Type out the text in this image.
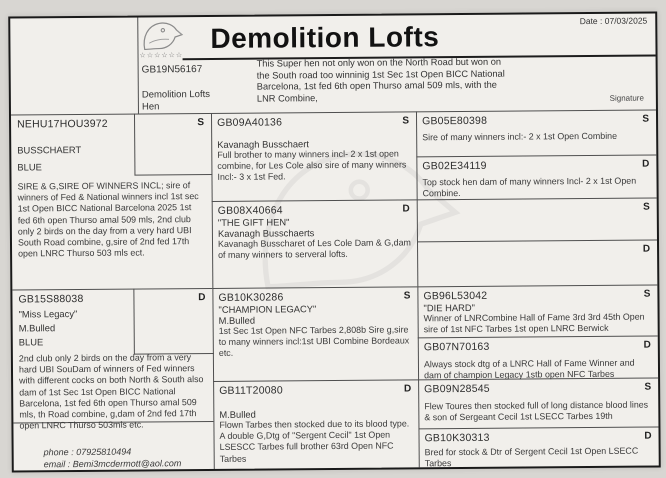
Date : 07/03/2025
☆☆☆☆☆☆
Demolition Lofts
GB19N56167
Demolition Lofts
Hen
This Super hen not only won on the North Road but won on the South road too winninig 1st Sec 1st Open BICC National Barcelona, 1st fed 6th open Thurso amal 509 mls, with the LNR Combine,	Signature
NEHU17HOU3972	S
BUSSCHAERT
BLUE
SIRE & G,SIRE OF WINNERS INCL; sire of winners of Fed & National winners incl 1st sec 1st Open BICC National Barcelona 2025 1st fed 6th open Thurso amal 509 mls, 2nd club only 2 birds on the day from a very hard UBI South Road combine, g,sire of 2nd fed 17th open LNRC Thurso 503 mls ect.
GB15S88038	D
"Miss Legacy"
M.Bulled
BLUE
2nd club only 2 birds on the day from a very hard UBI SouDam of winners of Fed winners with different cocks on both North & South also dam of 1st Sec 1st Open BICC National Barcelona, 1st fed 6th open Thurso amal 509 mls, th Road combine, g,dam of 2nd fed 17th open LNRC Thurso 503mls etc.
phone : 07925810494
email : Bemi3mcdermott@aol.com
GB09A40136	S
Kavanagh Busschaert
Full brother to many winners incl- 2 x 1st open combine, for Les Cole also sire of many winners Incl:- 3 x 1st Fed.
GB08X40664	D
"THE GIFT HEN"
Kavanagh Busschaerts
Kavanagh Busscharet of Les Cole Dam & G,dam of many winners to serveral lofts.
GB10K30286	S
"CHAMPION LEGACY"
M.Bulled
1st Sec 1st Open NFC Tarbes 2,808b Sire g,sire to many winners incl:1st UBI Combine Bordeaux etc.
GB11T20080	D
M.Bulled
Flown Tarbes then stocked due to its blood type. A double G,Dtg of "Sergent Cecil" 1st Open LSESCC Tarbes full brother 63rd Open NFC Tarbes
GB05E80398	S
Sire of many winners incl:- 2 x 1st Open Combine
GB02E34119	D
Top stock hen dam of many winners Incl- 2 x 1st Open Combine.
S
D
GB96L53042	S
"DIE HARD"
Winner of LNRCombine Hall of Fame 3rd 3rd 45th Open sire of 1st NFC Tarbes 1st open LNRC Berwick
GB07N70163	D
Always stock dtg of a LNRC Hall of Fame Winner and dam of champion Legacy 1stb open NFC Tarbes
GB09N28545	S
Flew Toures then stocked full of long distance blood lines & son of Sergeant Cecil 1st LSECC Tarbes 19th
GB10K30313	D
Bred for stock & Dtr of Sergent Cecil 1st Open LSECC Tarbes
